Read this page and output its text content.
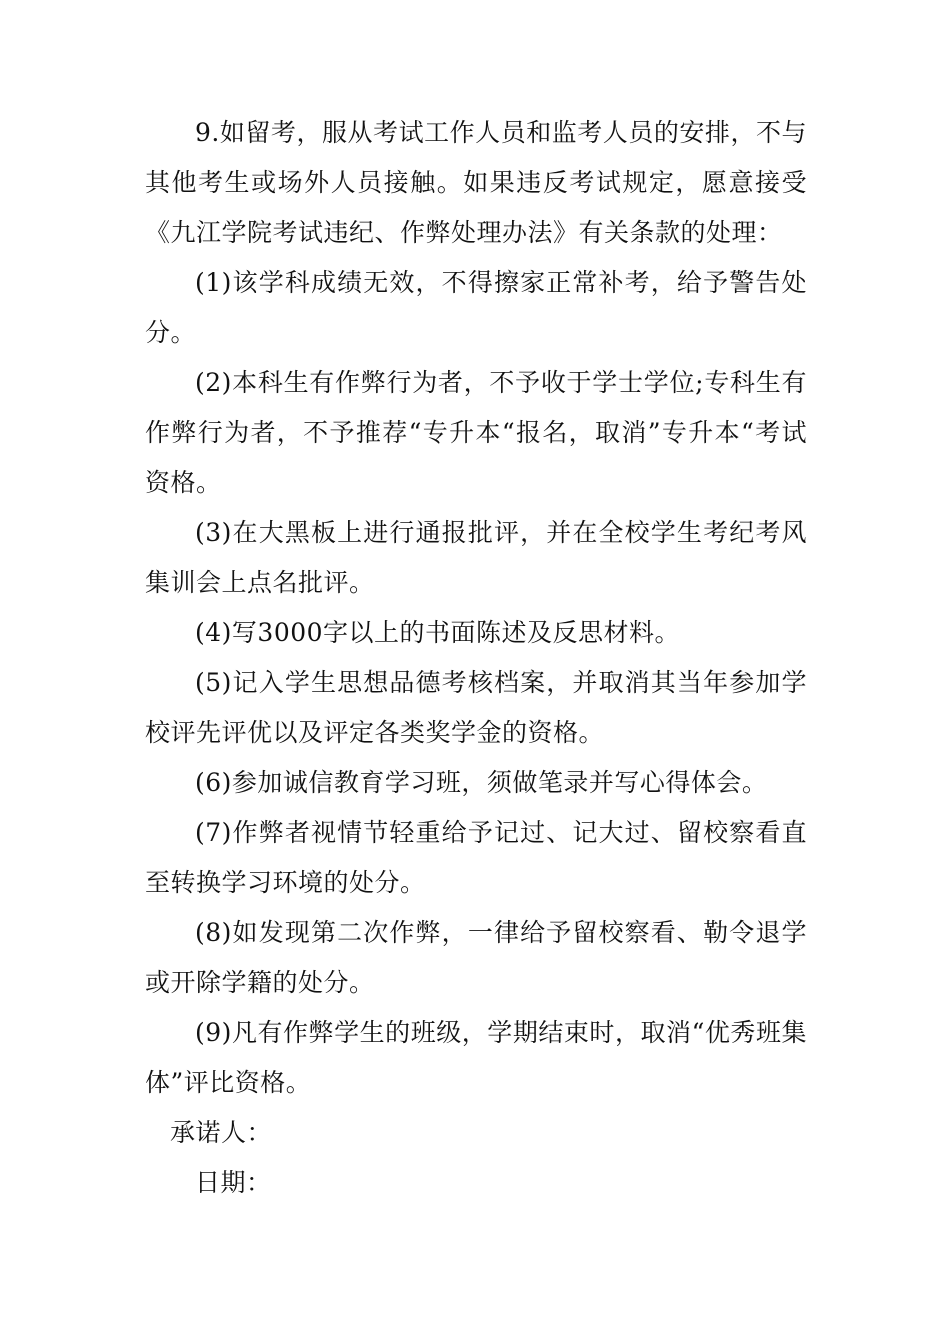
9.如留考，服从考试工作人员和监考人员的安排，不与其他考生或场外人员接触。如果违反考试规定，愿意接受《九江学院考试违纪、作弊处理办法》有关条款的处理：

(1)该学科成绩无效，不得擦家正常补考，给予警告处分。

(2)本科生有作弊行为者，不予收于学士学位;专科生有作弊行为者，不予推荐“专升本“报名，取消”专升本“考试资格。

(3)在大黑板上进行通报批评，并在全校学生考纪考风集训会上点名批评。

(4)写3000字以上的书面陈述及反思材料。

(5)记入学生思想品德考核档案，并取消其当年参加学校评先评优以及评定各类奖学金的资格。

(6)参加诚信教育学习班，须做笔录并写心得体会。

(7)作弊者视情节轻重给予记过、记大过、留校察看直至转换学习环境的处分。

(8)如发现第二次作弊，一律给予留校察看、勒令退学或开除学籍的处分。

(9)凡有作弊学生的班级，学期结束时，取消“优秀班集体”评比资格。

承诺人：

日期：
